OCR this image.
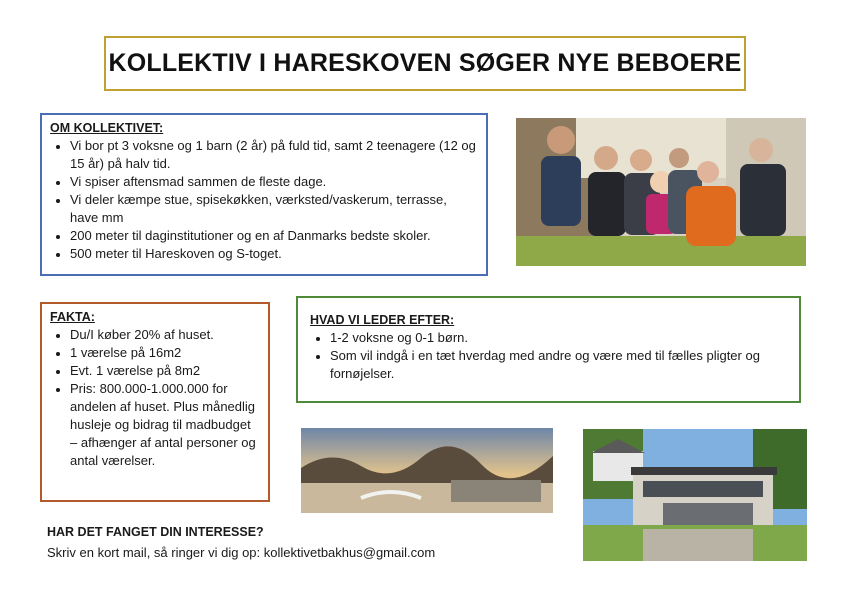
KOLLEKTIV I HARESKOVEN SØGER NYE BEBOERE
OM KOLLEKTIVET:
• Vi bor pt 3 voksne og 1 barn (2 år) på fuld tid, samt 2 teenagere (12 og 15 år) på halv tid.
• Vi spiser aftensmad sammen de fleste dage.
• Vi deler kæmpe stue, spisekøkken, værksted/vaskerum, terrasse, have mm
• 200 meter til daginstitutioner og en af Danmarks bedste skoler.
• 500 meter til Hareskoven og S-toget.
FAKTA:
• Du/I køber 20% af huset.
• 1 værelse på 16m2
• Evt. 1 værelse på 8m2
• Pris: 800.000-1.000.000 for andelen af huset. Plus månedlig husleje og bidrag til madbudget – afhænger af antal personer og antal værelser.
HVAD VI LEDER EFTER:
• 1-2 voksne og 0-1 børn.
• Som vil indgå i en tæt hverdag med andre og være med til fælles pligter og fornøjelser.
HAR DET FANGET DIN INTERESSE?
Skriv en kort mail, så ringer vi dig op: kollektivetbakhus@gmail.com
